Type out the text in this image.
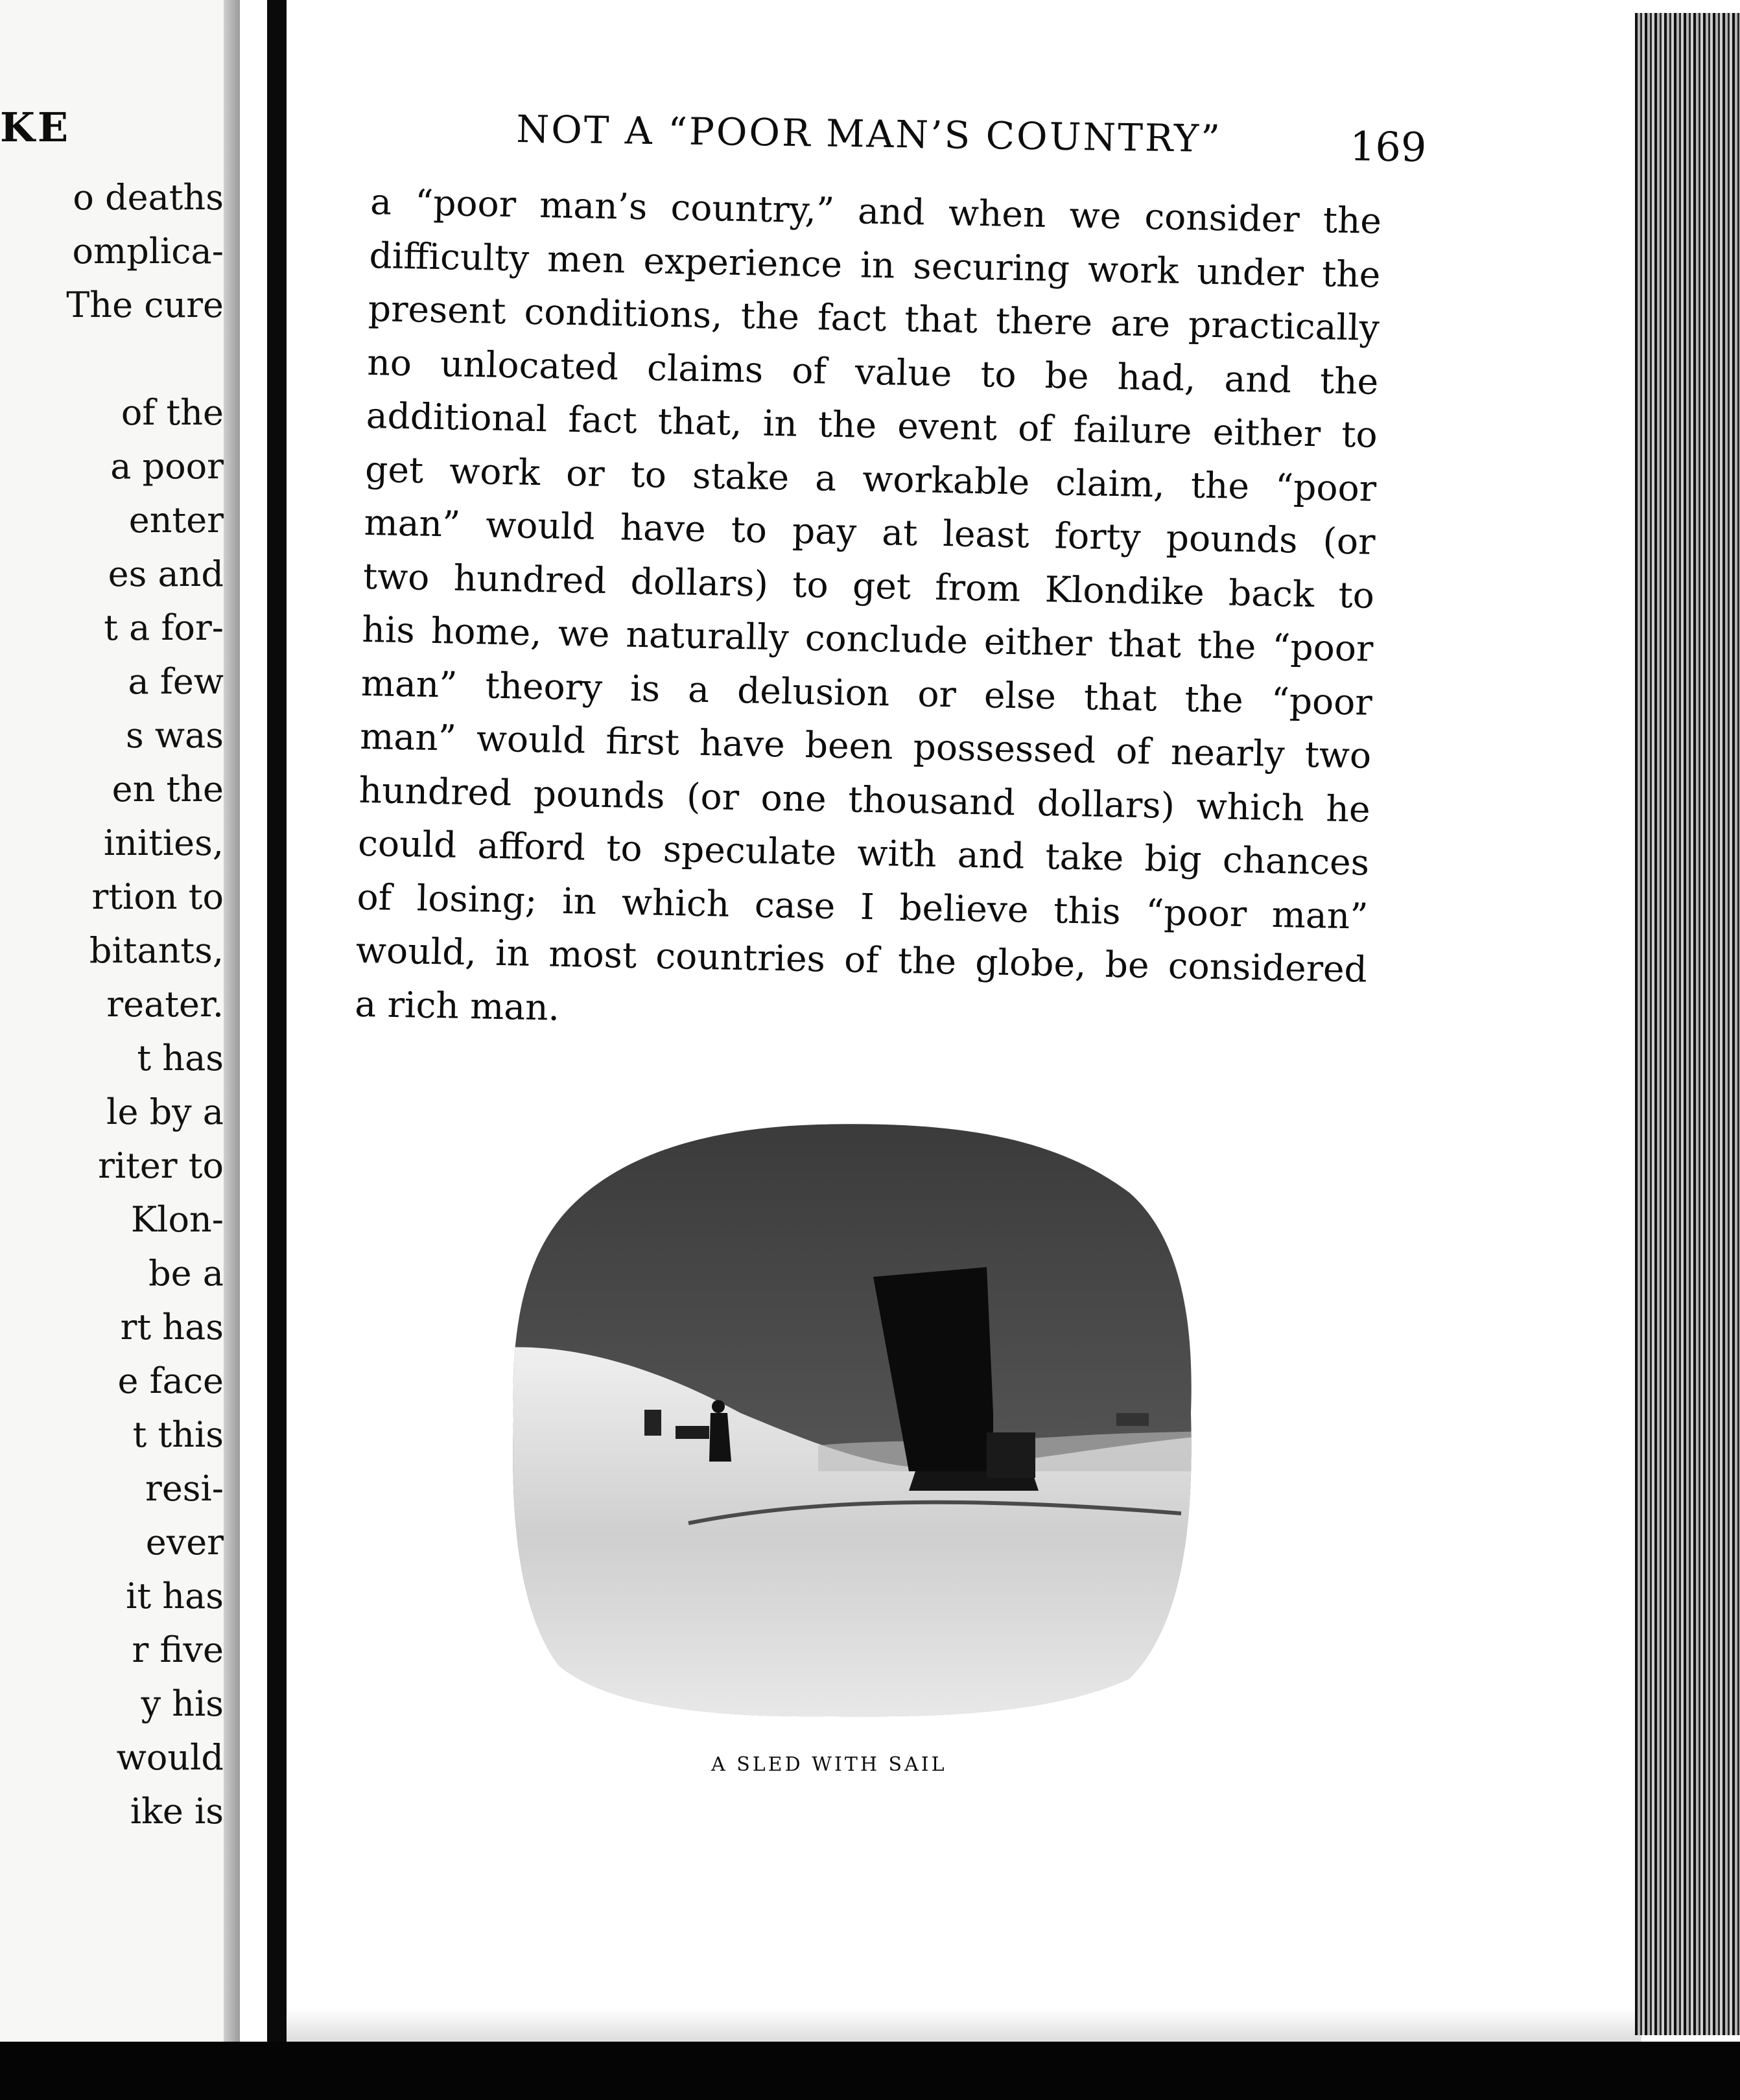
KE
o deaths
omplica-
The cure
of the
a poor
enter
es and
t a for-
a few
s was
en the
inities,
rtion to
bitants,
reater.
t has
le by a
riter to
Klon-
be a
rt has
e face
t this
resi-
ever
it has
r five
y his
would
ike is
NOT A “POOR MAN’S COUNTRY”	169
a “poor man’s country,” and when we consider the
difficulty men experience in securing work under the
present conditions, the fact that there are practically
no unlocated claims of value to be had, and the
additional fact that, in the event of failure either to
get work or to stake a workable claim, the “poor
man” would have to pay at least forty pounds (or
two hundred dollars) to get from Klondike back to
his home, we naturally conclude either that the “poor
man” theory is a delusion or else that the “poor
man” would first have been possessed of nearly two
hundred pounds (or one thousand dollars) which he
could afford to speculate with and take big chances
of losing; in which case I believe this “poor man”
would, in most countries of the globe, be considered
a rich man.
A SLED WITH SAIL
